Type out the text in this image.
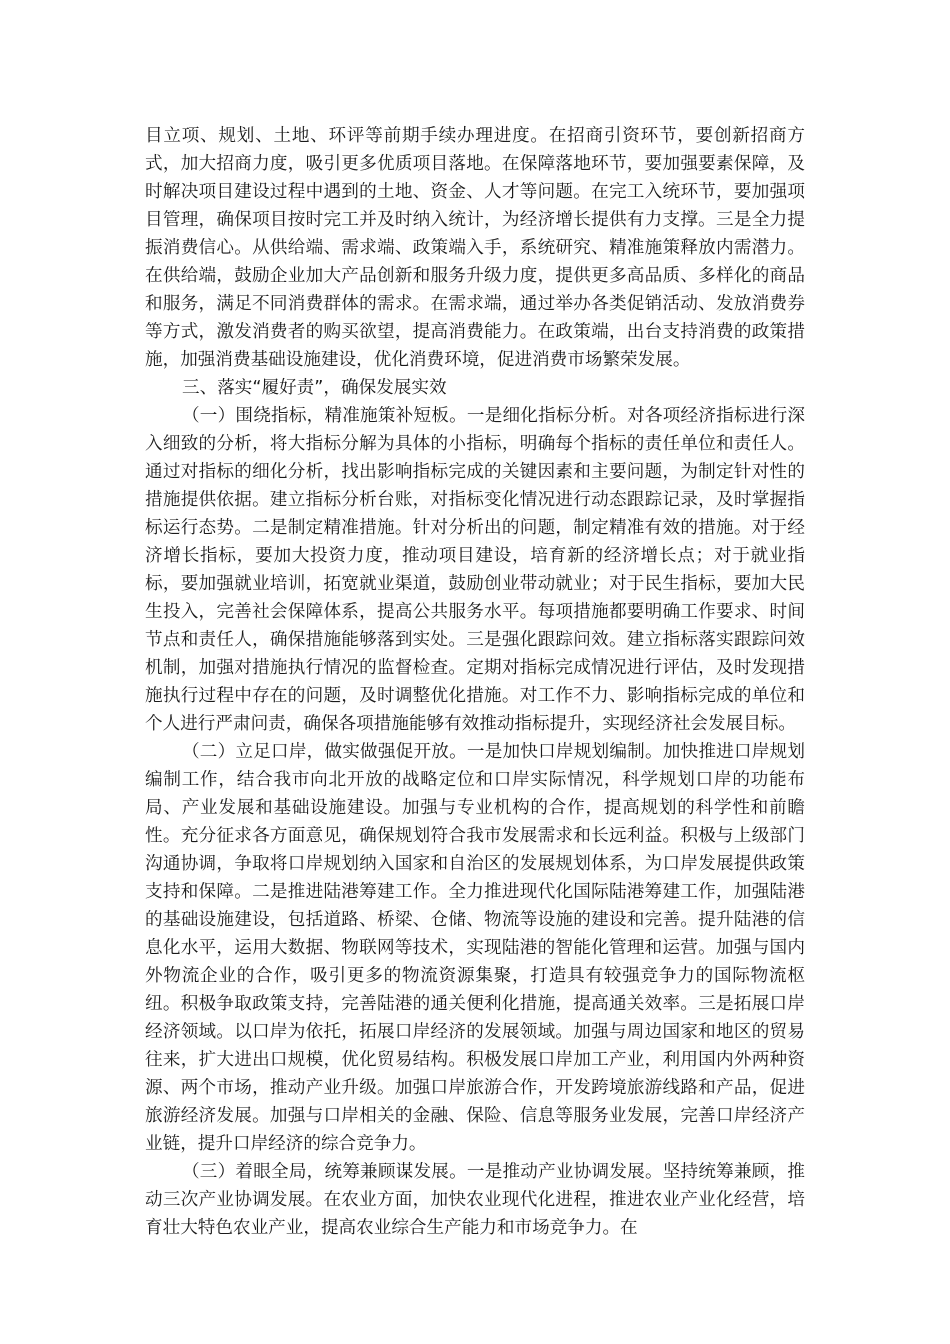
目立项、规划、土地、环评等前期手续办理进度。在招商引资环节，要创新招商方式，加大招商力度，吸引更多优质项目落地。在保障落地环节，要加强要素保障，及时解决项目建设过程中遇到的土地、资金、人才等问题。在完工入统环节，要加强项目管理，确保项目按时完工并及时纳入统计，为经济增长提供有力支撑。三是全力提振消费信心。从供给端、需求端、政策端入手，系统研究、精准施策释放内需潜力。在供给端，鼓励企业加大产品创新和服务升级力度，提供更多高品质、多样化的商品和服务，满足不同消费群体的需求。在需求端，通过举办各类促销活动、发放消费券等方式，激发消费者的购买欲望，提高消费能力。在政策端，出台支持消费的政策措施，加强消费基础设施建设，优化消费环境，促进消费市场繁荣发展。

三、落实“履好责”，确保发展实效

（一）围绕指标，精准施策补短板。一是细化指标分析。对各项经济指标进行深入细致的分析，将大指标分解为具体的小指标，明确每个指标的责任单位和责任人。通过对指标的细化分析，找出影响指标完成的关键因素和主要问题，为制定针对性的措施提供依据。建立指标分析台账，对指标变化情况进行动态跟踪记录，及时掌握指标运行态势。二是制定精准措施。针对分析出的问题，制定精准有效的措施。对于经济增长指标，要加大投资力度，推动项目建设，培育新的经济增长点；对于就业指标，要加强就业培训，拓宽就业渠道，鼓励创业带动就业；对于民生指标，要加大民生投入，完善社会保障体系，提高公共服务水平。每项措施都要明确工作要求、时间节点和责任人，确保措施能够落到实处。三是强化跟踪问效。建立指标落实跟踪问效机制，加强对措施执行情况的监督检查。定期对指标完成情况进行评估，及时发现措施执行过程中存在的问题，及时调整优化措施。对工作不力、影响指标完成的单位和个人进行严肃问责，确保各项措施能够有效推动指标提升，实现经济社会发展目标。

（二）立足口岸，做实做强促开放。一是加快口岸规划编制。加快推进口岸规划编制工作，结合我市向北开放的战略定位和口岸实际情况，科学规划口岸的功能布局、产业发展和基础设施建设。加强与专业机构的合作，提高规划的科学性和前瞻性。充分征求各方面意见，确保规划符合我市发展需求和长远利益。积极与上级部门沟通协调，争取将口岸规划纳入国家和自治区的发展规划体系，为口岸发展提供政策支持和保障。二是推进陆港筹建工作。全力推进现代化国际陆港筹建工作，加强陆港的基础设施建设，包括道路、桥梁、仓储、物流等设施的建设和完善。提升陆港的信息化水平，运用大数据、物联网等技术，实现陆港的智能化管理和运营。加强与国内外物流企业的合作，吸引更多的物流资源集聚，打造具有较强竞争力的国际物流枢纽。积极争取政策支持，完善陆港的通关便利化措施，提高通关效率。三是拓展口岸经济领域。以口岸为依托，拓展口岸经济的发展领域。加强与周边国家和地区的贸易往来，扩大进出口规模，优化贸易结构。积极发展口岸加工产业，利用国内外两种资源、两个市场，推动产业升级。加强口岸旅游合作，开发跨境旅游线路和产品，促进旅游经济发展。加强与口岸相关的金融、保险、信息等服务业发展，完善口岸经济产业链，提升口岸经济的综合竞争力。

（三）着眼全局，统筹兼顾谋发展。一是推动产业协调发展。坚持统筹兼顾，推动三次产业协调发展。在农业方面，加快农业现代化进程，推进农业产业化经营，培育壮大特色农业产业，提高农业综合生产能力和市场竞争力。在
